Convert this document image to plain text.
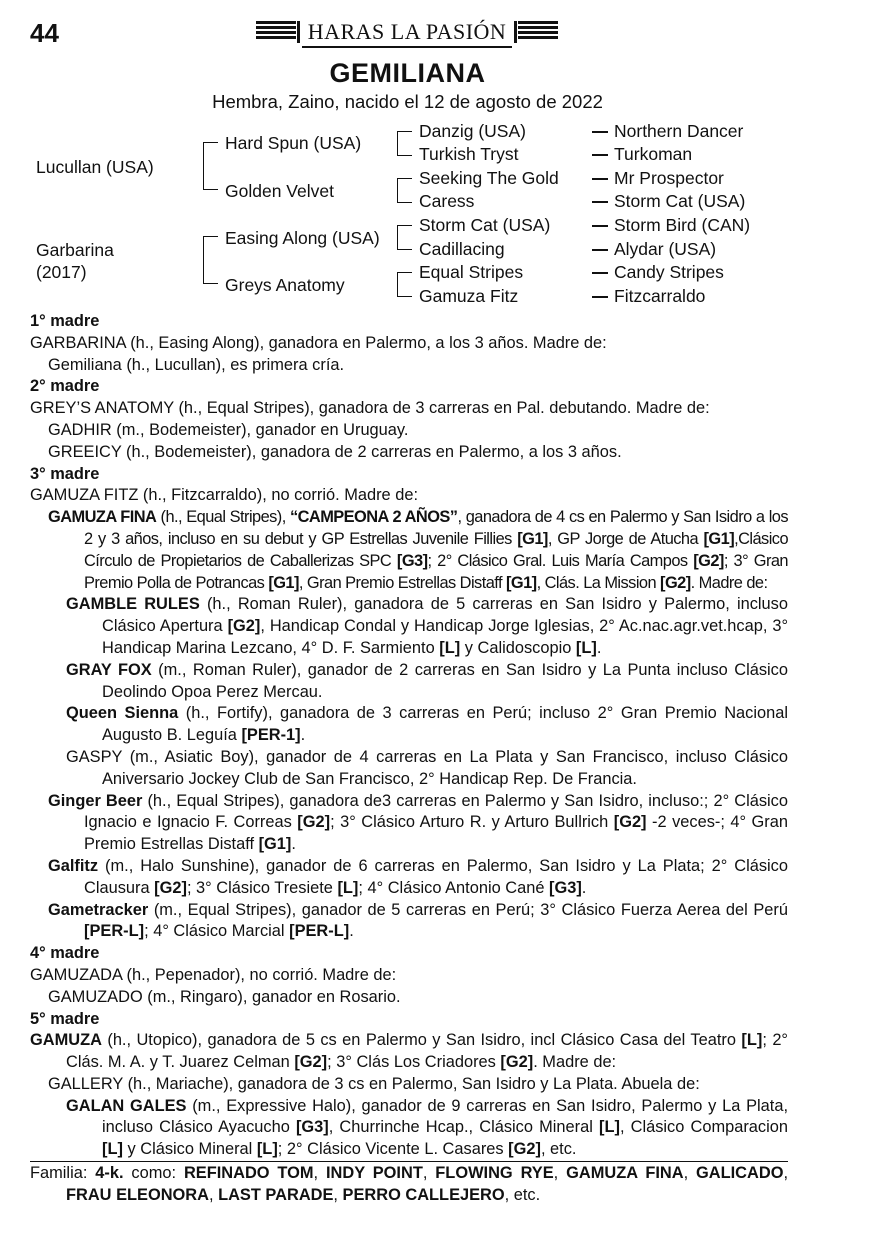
44	HARAS LA PASIÓN
GEMILIANA
Hembra, Zaino, nacido el 12 de agosto de 2022
Lucullan (USA)
Garbarina
(2017)
Hard Spun (USA)
Golden Velvet
Easing Along (USA)
Greys Anatomy
Danzig (USA)
Turkish Tryst
Seeking The Gold
Caress
Storm Cat (USA)
Cadillacing
Equal Stripes
Gamuza Fitz
Northern Dancer
Turkoman
Mr Prospector
Storm Cat (USA)
Storm Bird (CAN)
Alydar (USA)
Candy Stripes
Fitzcarraldo

1° madre

GARBARINA (h., Easing Along), ganadora en Palermo, a los 3 años. Madre de:

Gemiliana (h., Lucullan), es primera cría.

2° madre

GREY’S ANATOMY (h., Equal Stripes), ganadora de 3 carreras en Pal. debutando. Madre de:

GADHIR (m., Bodemeister), ganador en Uruguay.

GREEICY (h., Bodemeister), ganadora de 2 carreras en Palermo, a los 3 años.

3° madre

GAMUZA FITZ (h., Fitzcarraldo), no corrió. Madre de:

GAMUZA FINA (h., Equal Stripes), “CAMPEONA 2 AÑOS”, ganadora de 4 cs en Palermo y San Isidro a los 2 y 3 años, incluso en su debut y GP Estrellas Juvenile Fillies [G1], GP Jorge de Atucha [G1],Clásico Círculo de Propietarios de Caballerizas SPC [G3]; 2° Clásico Gral. Luis María Campos [G2]; 3° Gran Premio Polla de Potrancas [G1], Gran Premio Estrellas Distaff [G1], Clás. La Mission [G2]. Madre de:

GAMBLE RULES (h., Roman Ruler), ganadora de 5 carreras en San Isidro y Palermo, incluso Clásico Apertura [G2], Handicap Condal y Handicap Jorge Iglesias, 2° Ac.nac.agr.vet.hcap, 3° Handicap Marina Lezcano, 4° D. F. Sarmiento [L] y Calidoscopio [L].

GRAY FOX (m., Roman Ruler), ganador de 2 carreras en San Isidro y La Punta incluso Clásico Deolindo Opoa Perez Mercau.

Queen Sienna (h., Fortify), ganadora de 3 carreras en Perú; incluso 2° Gran Premio Nacional Augusto B. Leguía [PER-1].

GASPY (m., Asiatic Boy), ganador de 4 carreras en La Plata y San Francisco, incluso Clásico Aniversario Jockey Club de San Francisco, 2° Handicap Rep. De Francia.

Ginger Beer (h., Equal Stripes), ganadora de3 carreras en Palermo y San Isidro, incluso:; 2° Clásico Ignacio e Ignacio F. Correas [G2]; 3° Clásico Arturo R. y Arturo Bullrich [G2] -2 veces-; 4° Gran Premio Estrellas Distaff [G1].

Galfitz (m., Halo Sunshine), ganador de 6 carreras en Palermo, San Isidro y La Plata; 2° Clásico Clausura [G2]; 3° Clásico Tresiete [L]; 4° Clásico Antonio Cané [G3].

Gametracker (m., Equal Stripes), ganador de 5 carreras en Perú; 3° Clásico Fuerza Aerea del Perú [PER-L]; 4° Clásico Marcial [PER-L].

4° madre

GAMUZADA (h., Pepenador), no corrió. Madre de:

GAMUZADO (m., Ringaro), ganador en Rosario.

5° madre

GAMUZA (h., Utopico), ganadora de 5 cs en Palermo y San Isidro, incl Clásico Casa del Teatro [L]; 2° Clás. M. A. y T. Juarez Celman [G2]; 3° Clás Los Criadores [G2]. Madre de:

GALLERY (h., Mariache), ganadora de 3 cs en Palermo, San Isidro y La Plata. Abuela de:

GALAN GALES (m., Expressive Halo), ganador de 9 carreras en San Isidro, Palermo y La Plata, incluso Clásico Ayacucho [G3], Churrinche Hcap., Clásico Mineral [L], Clásico Comparacion [L] y Clásico Mineral [L]; 2° Clásico Vicente L. Casares [G2], etc.

Familia: 4-k. como: REFINADO TOM, INDY POINT, FLOWING RYE, GAMUZA FINA, GALICADO, FRAU ELEONORA, LAST PARADE, PERRO CALLEJERO, etc.
